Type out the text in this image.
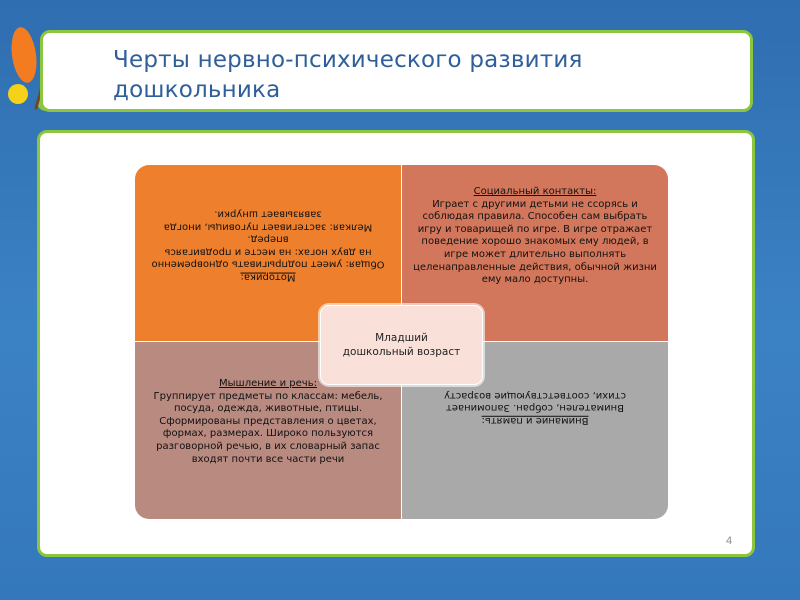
Черты нервно-психического развития дошкольника
Моторика:
Общая: умеет подпрыгивать одновременно на двух ногах: на месте и продвигаясь вперед.
Мелкая: застегивает пуговицы, иногда завязывает шнурки.
Социальный контакты:
Играет с другими детьми не ссорясь и соблюдая правила. Способен сам выбрать игру и товарищей по игре. В игре отражает поведение хорошо знакомых ему людей, в игре может длительно выполнять целенаправленные действия, обычной жизни ему мало доступны.
Мышление и речь:
Группирует предметы по классам: мебель, посуда, одежда, животные, птицы. Сформированы представления о цветах, формах, размерах. Широко пользуются разговорной речью, в их словарный запас входят почти все части речи
Внимание и память:
Внимателен, собран. Запоминает стихи, соответствующие возрасту
Младший
дошкольный возраст
4
